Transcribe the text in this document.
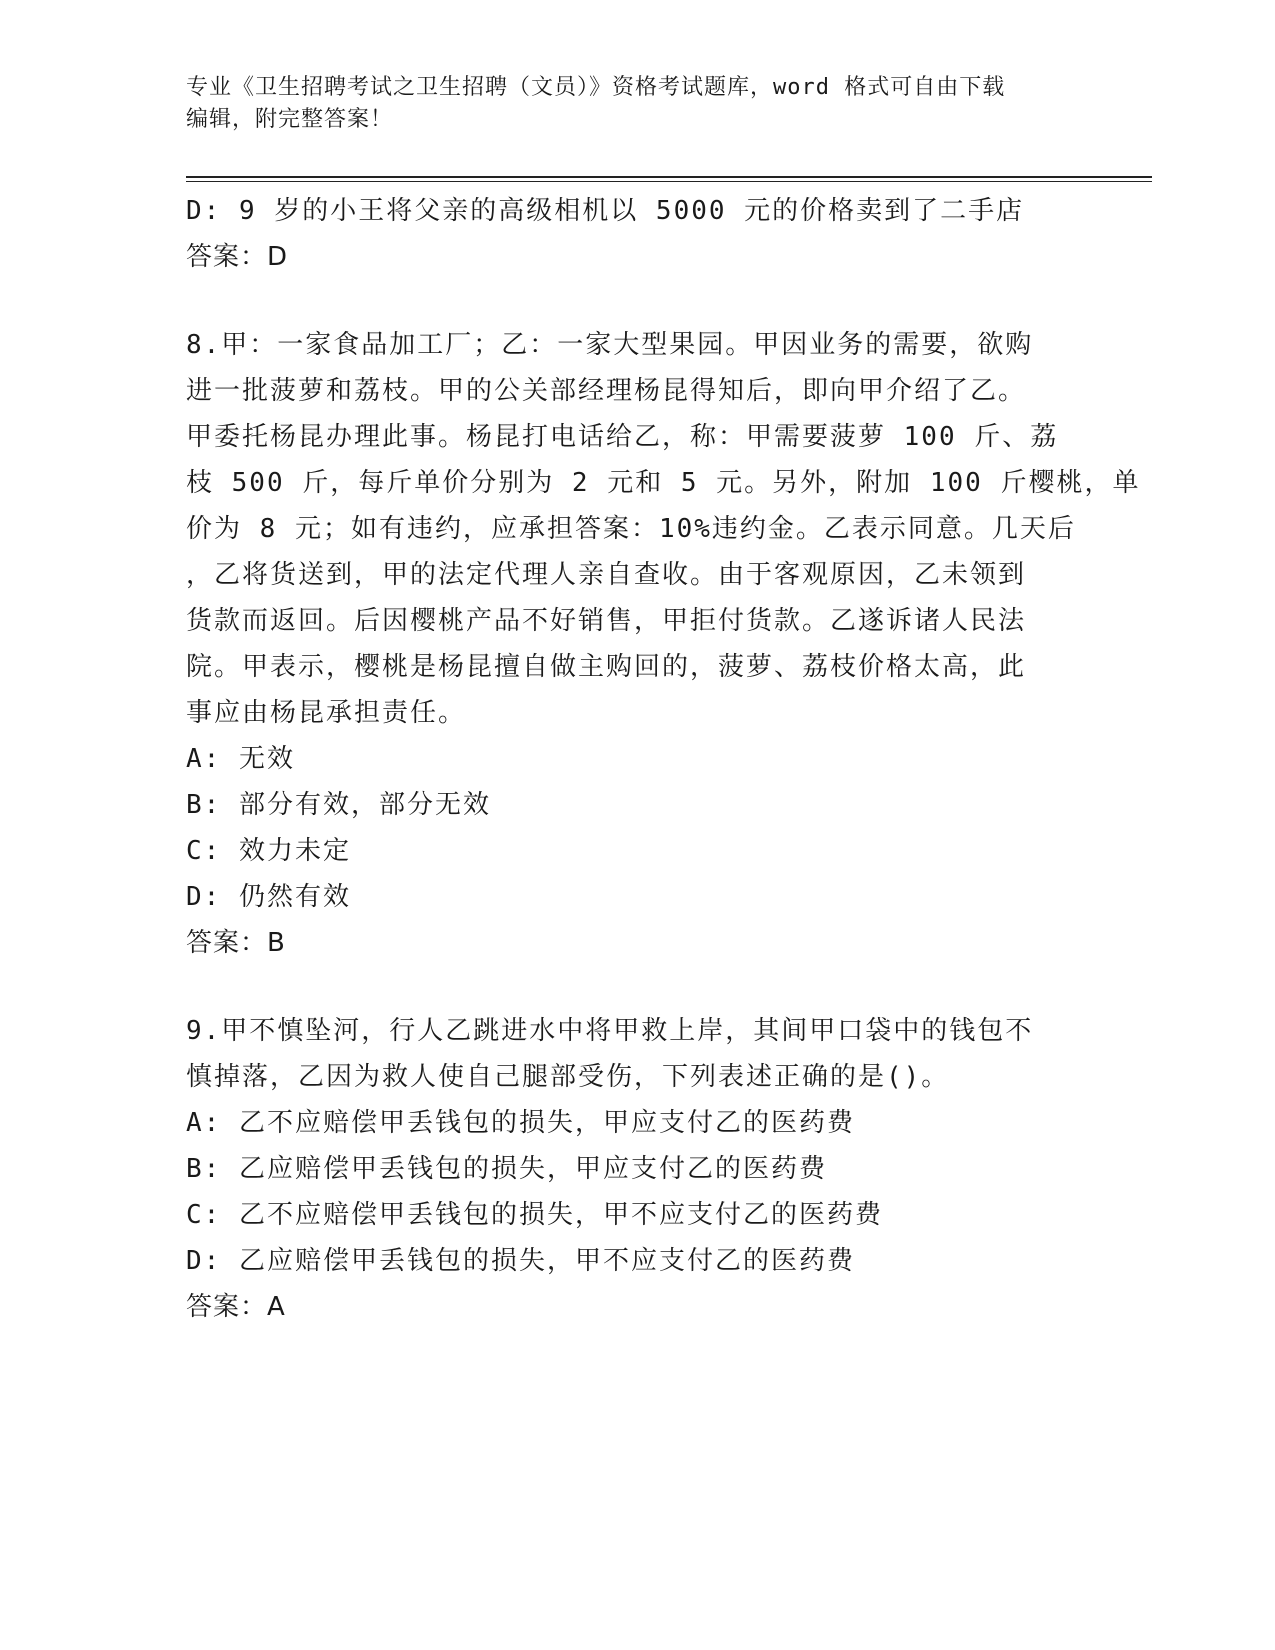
专业《卫生招聘考试之卫生招聘（文员）》资格考试题库，word 格式可自由下载
编辑，附完整答案！
D: 9 岁的小王将父亲的高级相机以 5000 元的价格卖到了二手店
答案：D
8.甲：一家食品加工厂；乙：一家大型果园。甲因业务的需要，欲购
进一批菠萝和荔枝。甲的公关部经理杨昆得知后，即向甲介绍了乙。
甲委托杨昆办理此事。杨昆打电话给乙，称：甲需要菠萝 100 斤、荔
枝 500 斤，每斤单价分别为 2 元和 5 元。另外，附加 100 斤樱桃，单
价为 8 元；如有违约，应承担答案：10%违约金。乙表示同意。几天后
，乙将货送到，甲的法定代理人亲自查收。由于客观原因，乙未领到
货款而返回。后因樱桃产品不好销售，甲拒付货款。乙遂诉诸人民法
院。甲表示，樱桃是杨昆擅自做主购回的，菠萝、荔枝价格太高，此
事应由杨昆承担责任。
A: 无效
B: 部分有效，部分无效
C: 效力未定
D: 仍然有效
答案：B
9.甲不慎坠河，行人乙跳进水中将甲救上岸，其间甲口袋中的钱包不
慎掉落，乙因为救人使自己腿部受伤，下列表述正确的是()。
A: 乙不应赔偿甲丢钱包的损失，甲应支付乙的医药费
B: 乙应赔偿甲丢钱包的损失，甲应支付乙的医药费
C: 乙不应赔偿甲丢钱包的损失，甲不应支付乙的医药费
D: 乙应赔偿甲丢钱包的损失，甲不应支付乙的医药费
答案：A
